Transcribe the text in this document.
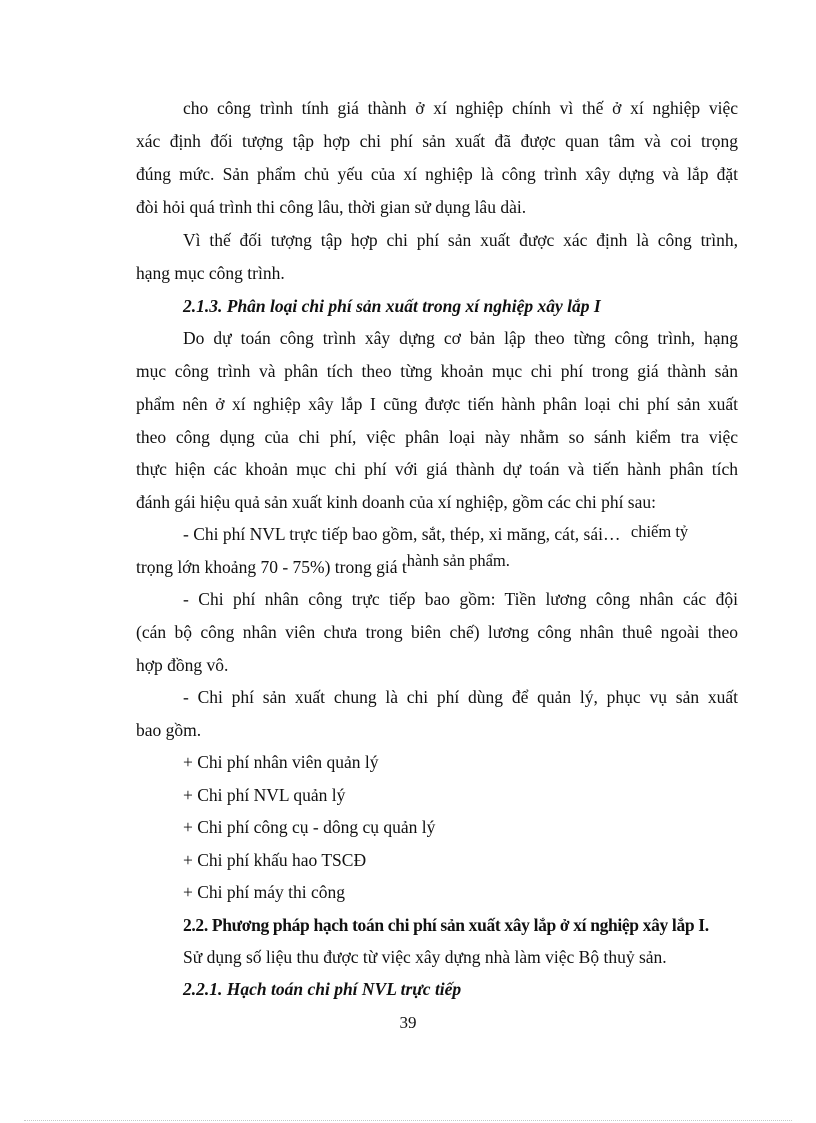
cho công trình tính giá thành ở xí nghiệp chính vì thế ở xí nghiệp việc
xác định đối tượng tập hợp chi phí sản xuất đã được quan tâm và coi trọng
đúng mức. Sản phẩm chủ yếu của xí nghiệp là công trình xây dựng và lắp đặt
đòi hỏi quá trình thi công lâu, thời gian sử dụng lâu dài.
Vì thế đối tượng tập hợp chi phí sản xuất được xác định là công trình,
hạng mục công trình.
2.1.3. Phân loại chi phí sản xuất trong xí nghiệp xây lắp I
Do dự toán công trình xây dựng cơ bản lập theo từng công trình, hạng
mục công trình và phân tích theo từng khoản mục chi phí trong giá thành sản
phẩm nên ở xí nghiệp xây lắp I cũng được tiến hành phân loại chi phí sản xuất
theo công dụng của chi phí, việc phân loại này nhằm so sánh kiểm tra việc
thực hiện các khoản mục chi phí với giá thành dự toán và tiến hành phân tích
đánh gái hiệu quả sản xuất kinh doanh của xí nghiệp, gồm các chi phí sau:
- Chi phí NVL trực tiếp bao gồm, sắt, thép, xi măng, cát, sái… chiếm tỷ
trọng lớn khoảng 70 - 75%) trong giá thành sản phẩm.
- Chi phí nhân công trực tiếp bao gồm: Tiền lương công nhân các đội
(cán bộ công nhân viên chưa trong biên chế) lương công nhân thuê ngoài theo
hợp đồng vô.
- Chi phí sản xuất chung là chi phí dùng để quản lý, phục vụ sản xuất
bao gồm.
+ Chi phí nhân viên quản lý
+ Chi phí NVL quản lý
+ Chi phí công cụ - dông cụ quản lý
+ Chi phí khấu hao TSCĐ
+ Chi phí máy thi công
2.2. Phương pháp hạch toán chi phí sản xuất xây lắp ở xí nghiệp xây lắp I.
Sử dụng số liệu thu được từ việc xây dựng nhà làm việc Bộ thuỷ sản.
2.2.1. Hạch toán chi phí NVL trực tiếp
39
